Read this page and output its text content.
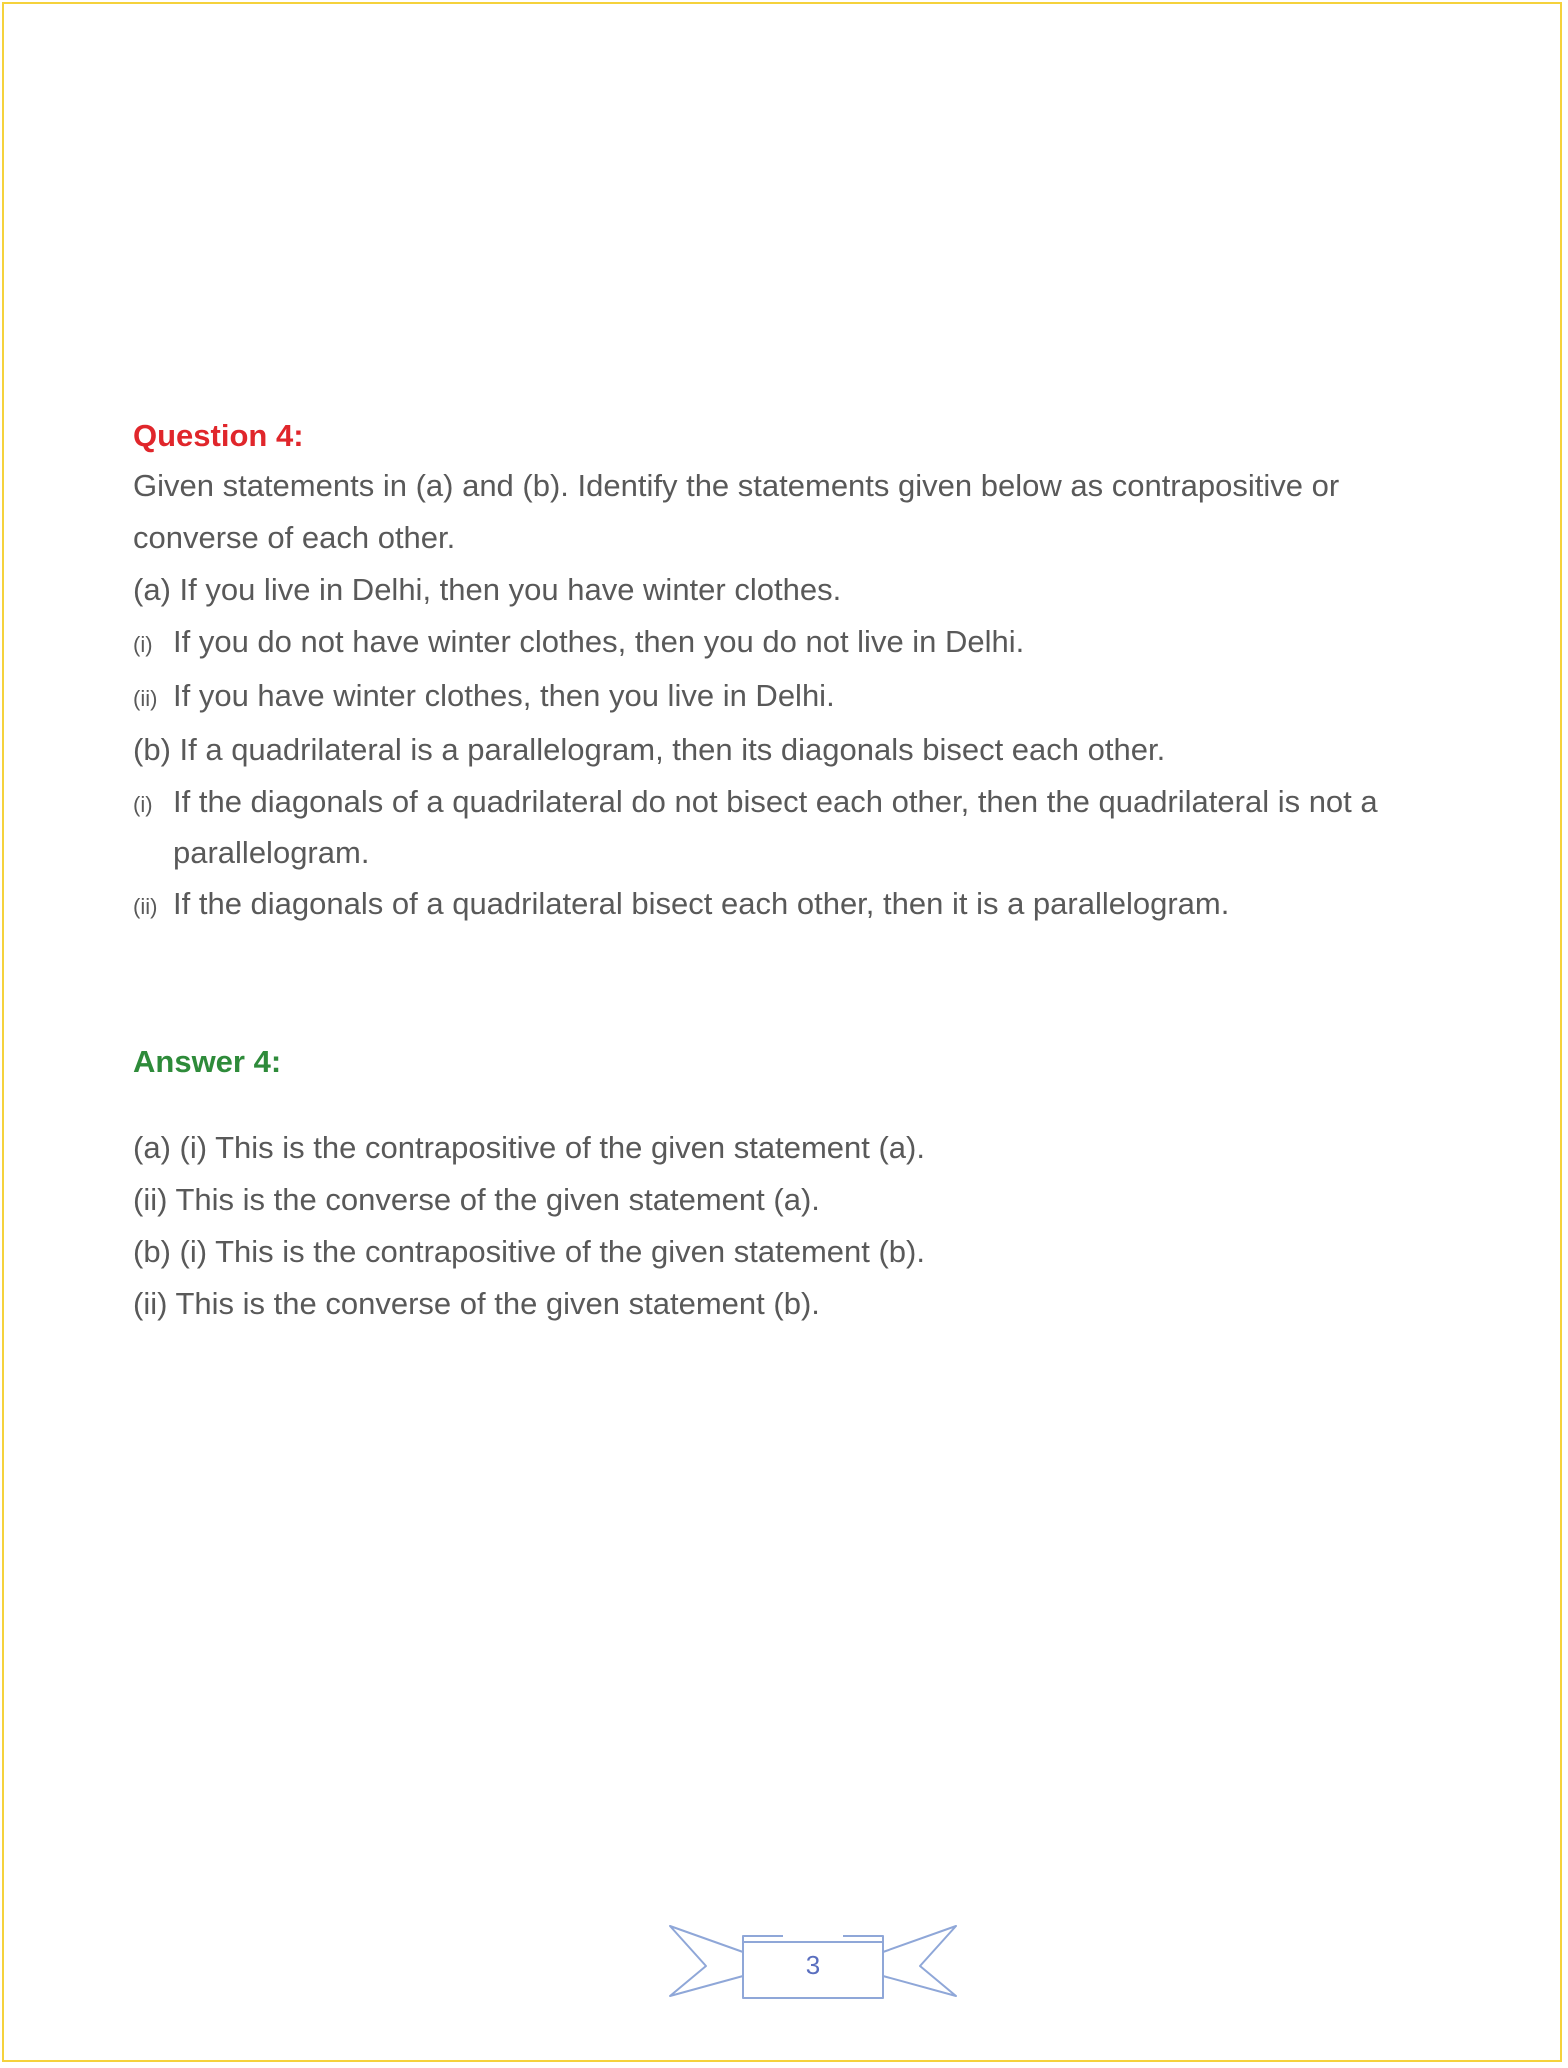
Question 4:

Given statements in (a) and (b). Identify the statements given below as contrapositive or converse of each other.

(a) If you live in Delhi, then you have winter clothes.

(i) If you do not have winter clothes, then you do not live in Delhi.
(ii) If you have winter clothes, then you live in Delhi.

(b) If a quadrilateral is a parallelogram, then its diagonals bisect each other.

(i) If the diagonals of a quadrilateral do not bisect each other, then the quadrilateral is not a parallelogram.
(ii) If the diagonals of a quadrilateral bisect each other, then it is a parallelogram.
Answer 4:

(a) (i) This is the contrapositive of the given statement (a).

(ii) This is the converse of the given statement (a).

(b) (i) This is the contrapositive of the given statement (b).

(ii) This is the converse of the given statement (b).

3
